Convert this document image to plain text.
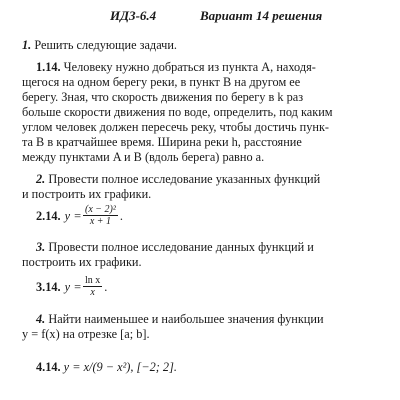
ИДЗ-6.4	Вариант 14 решения
1. Решить следующие задачи.
1.14. Человеку нужно добраться из пункта A, находя-
щегося на одном берегу реки, в пункт B на другом ее
берегу. Зная, что скорость движения по берегу в k раз
больше скорости движения по воде, определить, под каким
углом человек должен пересечь реку, чтобы достичь пунк-
та B в кратчайшее время. Ширина реки h, расстояние
между пунктами A и B (вдоль берега) равно a.
2. Провести полное исследование указанных функций
и построить их графики.
2.14. $y = \frac{\text{(x − 2)²}}{x + 1}$ .
3. Провести полное исследование данных функций и
построить их графики.
3.14. $y = \frac{\text{ln x}}{x}$ .
4. Найти наименьшее и наибольшее значения функции
y = f(x) на отрезке [a; b].
4.14. y = x/(9 − x²), [−2; 2].
